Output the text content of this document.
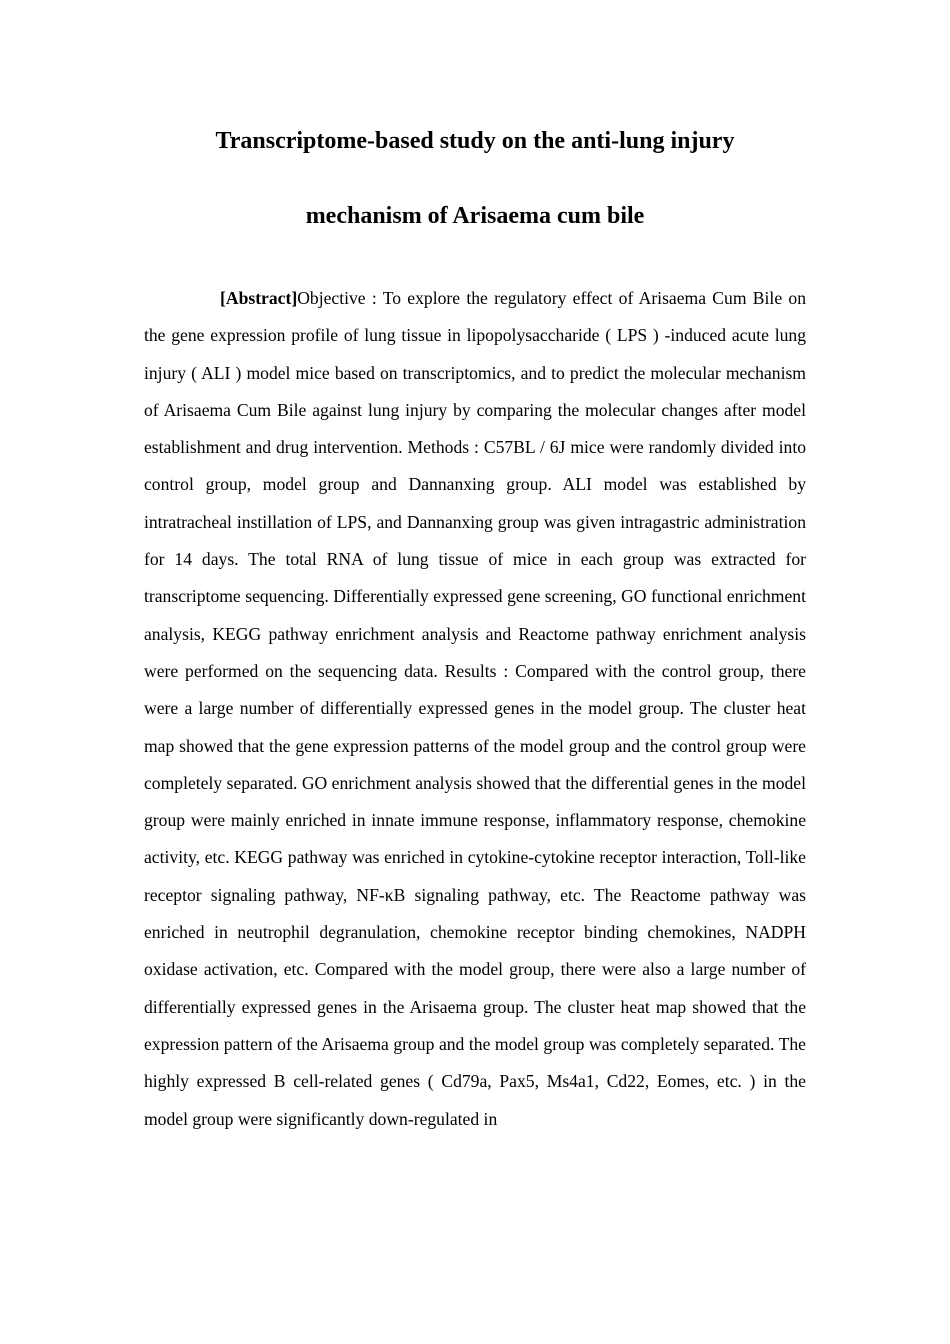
Transcriptome-based study on the anti-lung injury
mechanism of Arisaema cum bile

[Abstract]Objective : To explore the regulatory effect of Arisaema Cum Bile on the gene expression profile of lung tissue in lipopolysaccharide ( LPS ) -induced acute lung injury ( ALI ) model mice based on transcriptomics, and to predict the molecular mechanism of Arisaema Cum Bile against lung injury by comparing the molecular changes after model establishment and drug intervention. Methods : C57BL / 6J mice were randomly divided into control group, model group and Dannanxing group. ALI model was established by intratracheal instillation of LPS, and Dannanxing group was given intragastric administration for 14 days. The total RNA of lung tissue of mice in each group was extracted for transcriptome sequencing. Differentially expressed gene screening, GO functional enrichment analysis, KEGG pathway enrichment analysis and Reactome pathway enrichment analysis were performed on the sequencing data. Results : Compared with the control group, there were a large number of differentially expressed genes in the model group. The cluster heat map showed that the gene expression patterns of the model group and the control group were completely separated. GO enrichment analysis showed that the differential genes in the model group were mainly enriched in innate immune response, inflammatory response, chemokine activity, etc. KEGG pathway was enriched in cytokine-cytokine receptor interaction, Toll-like receptor signaling pathway, NF-κB signaling pathway, etc. The Reactome pathway was enriched in neutrophil degranulation, chemokine receptor binding chemokines, NADPH oxidase activation, etc. Compared with the model group, there were also a large number of differentially expressed genes in the Arisaema group. The cluster heat map showed that the expression pattern of the Arisaema group and the model group was completely separated. The highly expressed B cell-related genes ( Cd79a, Pax5, Ms4a1, Cd22, Eomes, etc. ) in the model group were significantly down-regulated in
